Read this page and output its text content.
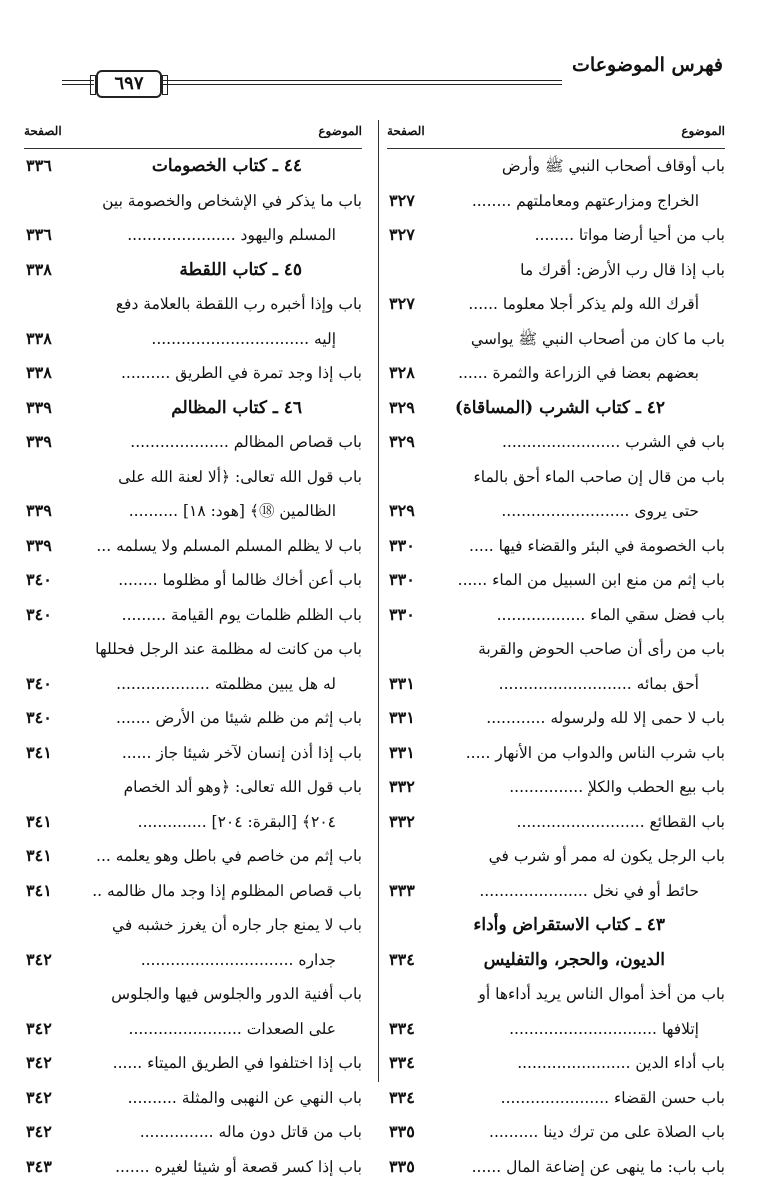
فهرس الموضوعات
٦٩٧
الموضوع
الصفحة
باب أوقاف أصحاب النبي ﷺ وأرض
الخراج ومزارعتهم ومعاملتهم ........
٣٢٧
باب من أحيا أرضا مواتا ........
٣٢٧
باب إذا قال رب الأرض: أقرك ما
أقرك الله ولم يذكر أجلا معلوما ......
٣٢٧
باب ما كان من أصحاب النبي ﷺ يواسي
بعضهم بعضا في الزراعة والثمرة ......
٣٢٨
٤٢ ـ كتاب الشرب (المساقاة)
٣٢٩
باب في الشرب ........................
٣٢٩
باب من قال إن صاحب الماء أحق بالماء
حتى يروى ..........................
٣٢٩
باب الخصومة في البئر والقضاء فيها .....
٣٣٠
باب إثم من منع ابن السبيل من الماء ......
٣٣٠
باب فضل سقي الماء ..................
٣٣٠
باب من رأى أن صاحب الحوض والقربة
أحق بمائه ...........................
٣٣١
باب لا حمى إلا لله ولرسوله ............
٣٣١
باب شرب الناس والدواب من الأنهار .....
٣٣١
باب بيع الحطب والكلإ ...............
٣٣٢
باب القطائع ..........................
٣٣٢
باب الرجل يكون له ممر أو شرب في
حائط أو في نخل ......................
٣٣٣
٤٣ ـ كتاب الاستقراض وأداء
الديون، والحجر، والتفليس
٣٣٤
باب من أخذ أموال الناس يريد أداءها أو
إتلافها ..............................
٣٣٤
باب أداء الدين .......................
٣٣٤
باب حسن القضاء ......................
٣٣٤
باب الصلاة على من ترك دينا ..........
٣٣٥
باب باب: ما ينهى عن إضاعة المال ......
٣٣٥
الموضوع
الصفحة
٤٤ ـ كتاب الخصومات
٣٣٦
باب ما يذكر في الإشخاص والخصومة بين
المسلم واليهود ......................
٣٣٦
٤٥ ـ كتاب اللقطة
٣٣٨
باب وإذا أخبره رب اللقطة بالعلامة دفع
إليه ................................
٣٣٨
باب إذا وجد تمرة في الطريق ..........
٣٣٨
٤٦ ـ كتاب المظالم
٣٣٩
باب قصاص المظالم ....................
٣٣٩
باب قول الله تعالى: ﴿ألا لعنة الله على
الظالمين ⑱﴾ [هود: ١٨] ..........
٣٣٩
باب لا يظلم المسلم المسلم ولا يسلمه ...
٣٣٩
باب أعن أخاك ظالما أو مظلوما ........
٣٤٠
باب الظلم ظلمات يوم القيامة .........
٣٤٠
باب من كانت له مظلمة عند الرجل فحللها
له هل يبين مظلمته ...................
٣٤٠
باب إثم من ظلم شيئا من الأرض .......
٣٤٠
باب إذا أذن إنسان لآخر شيئا جاز ......
٣٤١
باب قول الله تعالى: ﴿وهو ألد الخصام
٢٠٤﴾ [البقرة: ٢٠٤] ..............
٣٤١
باب إثم من خاصم في باطل وهو يعلمه ...
٣٤١
باب قصاص المظلوم إذا وجد مال ظالمه ..
٣٤١
باب لا يمنع جار جاره أن يغرز خشبه في
جداره ...............................
٣٤٢
باب أفنية الدور والجلوس فيها والجلوس
على الصعدات .......................
٣٤٢
باب إذا اختلفوا في الطريق الميتاء ......
٣٤٢
باب النهي عن النهبى والمثلة ..........
٣٤٢
باب من قاتل دون ماله ...............
٣٤٢
باب إذا كسر قصعة أو شيئا لغيره .......
٣٤٣
